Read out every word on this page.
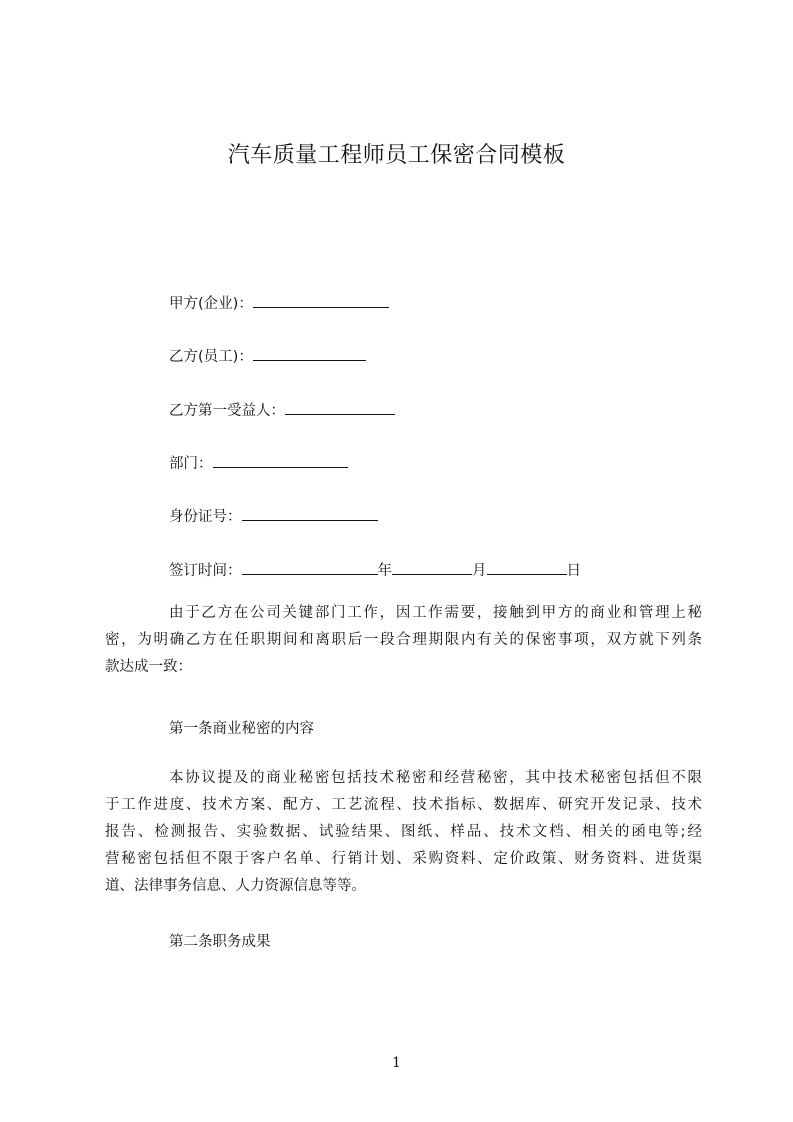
汽车质量工程师员工保密合同模板
甲方(企业)：
乙方(员工)：
乙方第一受益人：
部门：
身份证号：
签订时间：	年	月	日
由于乙方在公司关键部门工作，因工作需要，接触到甲方的商业和管理上秘
密，为明确乙方在任职期间和离职后一段合理期限内有关的保密事项，双方就下列条
款达成一致：
第一条商业秘密的内容
本协议提及的商业秘密包括技术秘密和经营秘密，其中技术秘密包括但不限
于工作进度、技术方案、配方、工艺流程、技术指标、数据库、研究开发记录、技术
报告、检测报告、实验数据、试验结果、图纸、样品、技术文档、相关的函电等;经
营秘密包括但不限于客户名单、行销计划、采购资料、定价政策、财务资料、进货渠
道、法律事务信息、人力资源信息等等。
第二条职务成果
1
